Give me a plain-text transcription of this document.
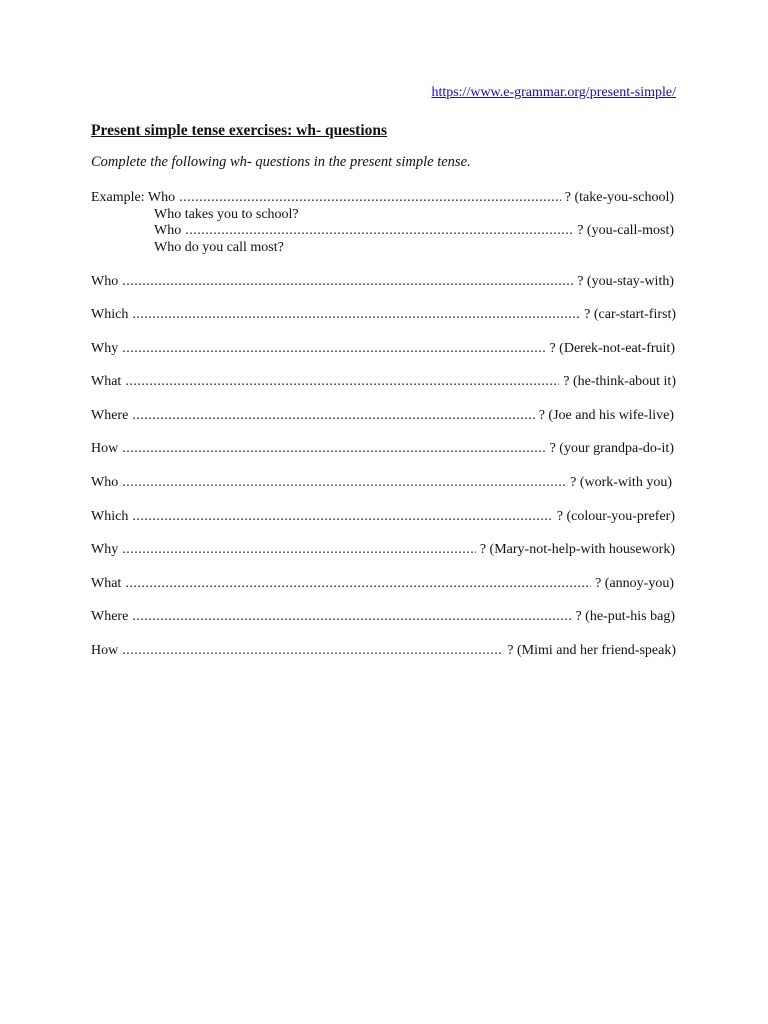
https://www.e-grammar.org/present-simple/
Present simple tense exercises: wh- questions
Complete the following wh- questions in the present simple tense.
Example: Who .....	? (take-you-school)
Who takes you to school?
Who .....	? (you-call-most)
Who do you call most?
Who .....	? (you-stay-with)
Which .....	? (car-start-first)
Why .....	? (Derek-not-eat-fruit)
What .....	? (he-think-about it)
Where .....	? (Joe and his wife-live)
How .....	? (your grandpa-do-it)
Who .....	? (work-with you)
Which .....	? (colour-you-prefer)
Why .....	? (Mary-not-help-with housework)
What .....	? (annoy-you)
Where .....	? (he-put-his bag)
How .....	? (Mimi and her friend-speak)
